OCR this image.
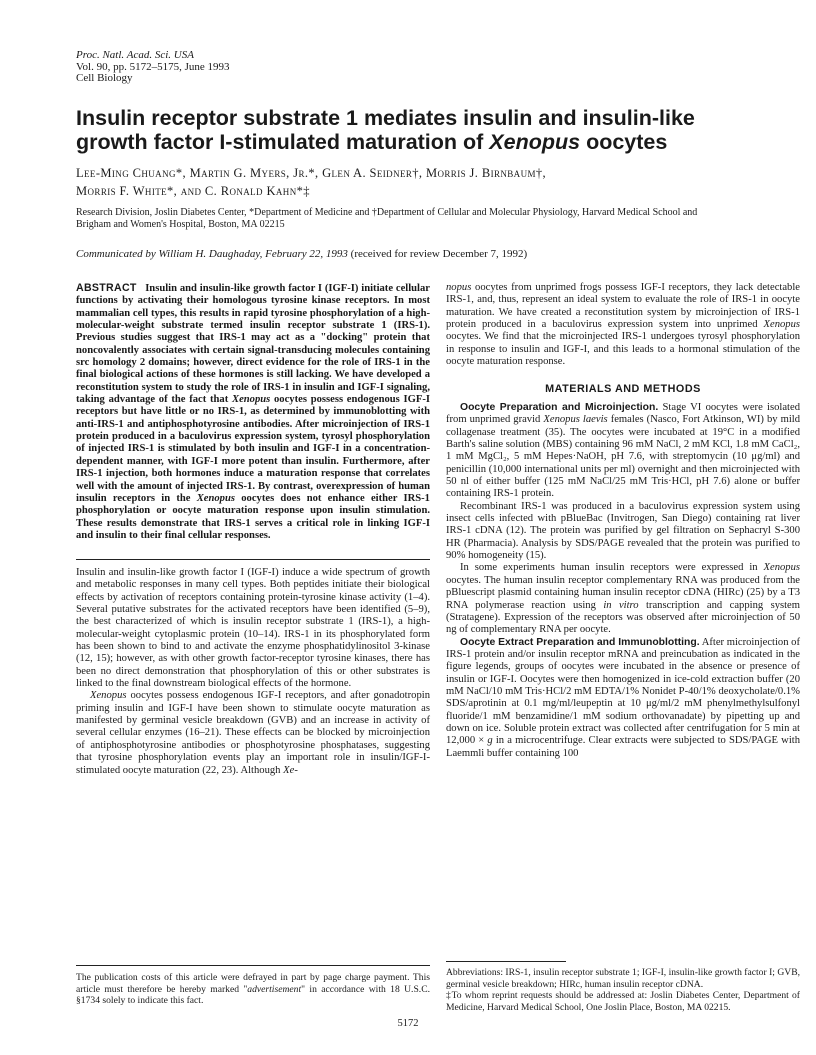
Proc. Natl. Acad. Sci. USA
Vol. 90, pp. 5172–5175, June 1993
Cell Biology
Insulin receptor substrate 1 mediates insulin and insulin-like
growth factor I-stimulated maturation of Xenopus oocytes
Lee-Ming Chuang*, Martin G. Myers, Jr.*, Glen A. Seidner†, Morris J. Birnbaum†,
Morris F. White*, and C. Ronald Kahn*‡
Research Division, Joslin Diabetes Center, *Department of Medicine and †Department of Cellular and Molecular Physiology, Harvard Medical School and
Brigham and Women's Hospital, Boston, MA 02215
Communicated by William H. Daughaday, February 22, 1993 (received for review December 7, 1992)
ABSTRACT Insulin and insulin-like growth factor I (IGF-I) initiate cellular functions by activating their homologous tyrosine kinase receptors. In most mammalian cell types, this results in rapid tyrosine phosphorylation of a high-molecular-weight substrate termed insulin receptor substrate 1 (IRS-1). Previous studies suggest that IRS-1 may act as a "docking" protein that noncovalently associates with certain signal-transducing molecules containing src homology 2 domains; however, direct evidence for the role of IRS-1 in the final biological actions of these hormones is still lacking. We have developed a reconstitution system to study the role of IRS-1 in insulin and IGF-I signaling, taking advantage of the fact that Xenopus oocytes possess endogenous IGF-I receptors but have little or no IRS-1, as determined by immunoblotting with anti-IRS-1 and antiphosphotyrosine antibodies. After microinjection of IRS-1 protein produced in a baculovirus expression system, tyrosyl phosphorylation of injected IRS-1 is stimulated by both insulin and IGF-I in a concentration-dependent manner, with IGF-I more potent than insulin. Furthermore, after IRS-1 injection, both hormones induce a maturation response that correlates well with the amount of injected IRS-1. By contrast, overexpression of human insulin receptors in the Xenopus oocytes does not enhance either IRS-1 phosphorylation or oocyte maturation response upon insulin stimulation. These results demonstrate that IRS-1 serves a critical role in linking IGF-I and insulin to their final cellular responses.

Insulin and insulin-like growth factor I (IGF-I) induce a wide spectrum of growth and metabolic responses in many cell types. Both peptides initiate their biological effects by activation of receptors containing protein-tyrosine kinase activity (1–4). Several putative substrates for the activated receptors have been identified (5–9), the best characterized of which is insulin receptor substrate 1 (IRS-1), a high-molecular-weight cytoplasmic protein (10–14). IRS-1 in its phosphorylated form has been shown to bind to and activate the enzyme phosphatidylinositol 3-kinase (12, 15); however, as with other growth factor-receptor tyrosine kinases, there has been no direct demonstration that phosphorylation of this or other substrates is linked to the final downstream biological effects of the hormone.

Xenopus oocytes possess endogenous IGF-I receptors, and after gonadotropin priming insulin and IGF-I have been shown to stimulate oocyte maturation as manifested by germinal vesicle breakdown (GVB) and an increase in activity of several cellular enzymes (16–21). These effects can be blocked by microinjection of antiphosphotyrosine antibodies or phosphotyrosine phosphatases, suggesting that tyrosine phosphorylation events play an important role in insulin/IGF-I-stimulated oocyte maturation (22, 23). Although Xe-

The publication costs of this article were defrayed in part by page charge payment. This article must therefore be hereby marked "advertisement" in accordance with 18 U.S.C. §1734 solely to indicate this fact.

nopus oocytes from unprimed frogs possess IGF-I receptors, they lack detectable IRS-1, and, thus, represent an ideal system to evaluate the role of IRS-1 in oocyte maturation. We have created a reconstitution system by microinjection of IRS-1 protein produced in a baculovirus expression system into unprimed Xenopus oocytes. We find that the microinjected IRS-1 undergoes tyrosyl phosphorylation in response to insulin and IGF-I, and this leads to a hormonal stimulation of the oocyte maturation response.

MATERIALS AND METHODS

Oocyte Preparation and Microinjection. Stage VI oocytes were isolated from unprimed gravid Xenopus laevis females (Nasco, Fort Atkinson, WI) by mild collagenase treatment (35). The oocytes were incubated at 19°C in a modified Barth's saline solution (MBS) containing 96 mM NaCl, 2 mM KCl, 1.8 mM CaCl₂, 1 mM MgCl₂, 5 mM Hepes·NaOH, pH 7.6, with streptomycin (10 μg/ml) and penicillin (10,000 international units per ml) overnight and then microinjected with 50 nl of either buffer (125 mM NaCl/25 mM Tris·HCl, pH 7.6) alone or buffer containing IRS-1 protein.

Recombinant IRS-1 was produced in a baculovirus expression system using insect cells infected with pBlueBac (Invitrogen, San Diego) containing rat liver IRS-1 cDNA (12). The protein was purified by gel filtration on Sephacryl S-300 HR (Pharmacia). Analysis by SDS/PAGE revealed that the protein was purified to 90% homogeneity (15).

In some experiments human insulin receptors were expressed in Xenopus oocytes. The human insulin receptor complementary RNA was produced from the pBluescript plasmid containing human insulin receptor cDNA (HIRc) (25) by a T3 RNA polymerase reaction using in vitro transcription and capping system (Stratagene). Expression of the receptors was observed after microinjection of 50 ng of complementary RNA per oocyte.

Oocyte Extract Preparation and Immunoblotting. After microinjection of IRS-1 protein and/or insulin receptor mRNA and preincubation as indicated in the figure legends, groups of oocytes were incubated in the absence or presence of insulin or IGF-I. Oocytes were then homogenized in ice-cold extraction buffer (20 mM NaCl/10 mM Tris·HCl/2 mM EDTA/1% Nonidet P-40/1% deoxycholate/0.1% SDS/aprotinin at 0.1 mg/ml/leupeptin at 10 μg/ml/2 mM phenylmethylsulfonyl fluoride/1 mM benzamidine/1 mM sodium orthovanadate) by pipetting up and down on ice. Soluble protein extract was collected after centrifugation for 5 min at 12,000 × g in a microcentrifuge. Clear extracts were subjected to SDS/PAGE with Laemmli buffer containing 100

Abbreviations: IRS-1, insulin receptor substrate 1; IGF-I, insulin-like growth factor I; GVB, germinal vesicle breakdown; HIRc, human insulin receptor cDNA.

‡To whom reprint requests should be addressed at: Joslin Diabetes Center, Department of Medicine, Harvard Medical School, One Joslin Place, Boston, MA 02215.

5172
